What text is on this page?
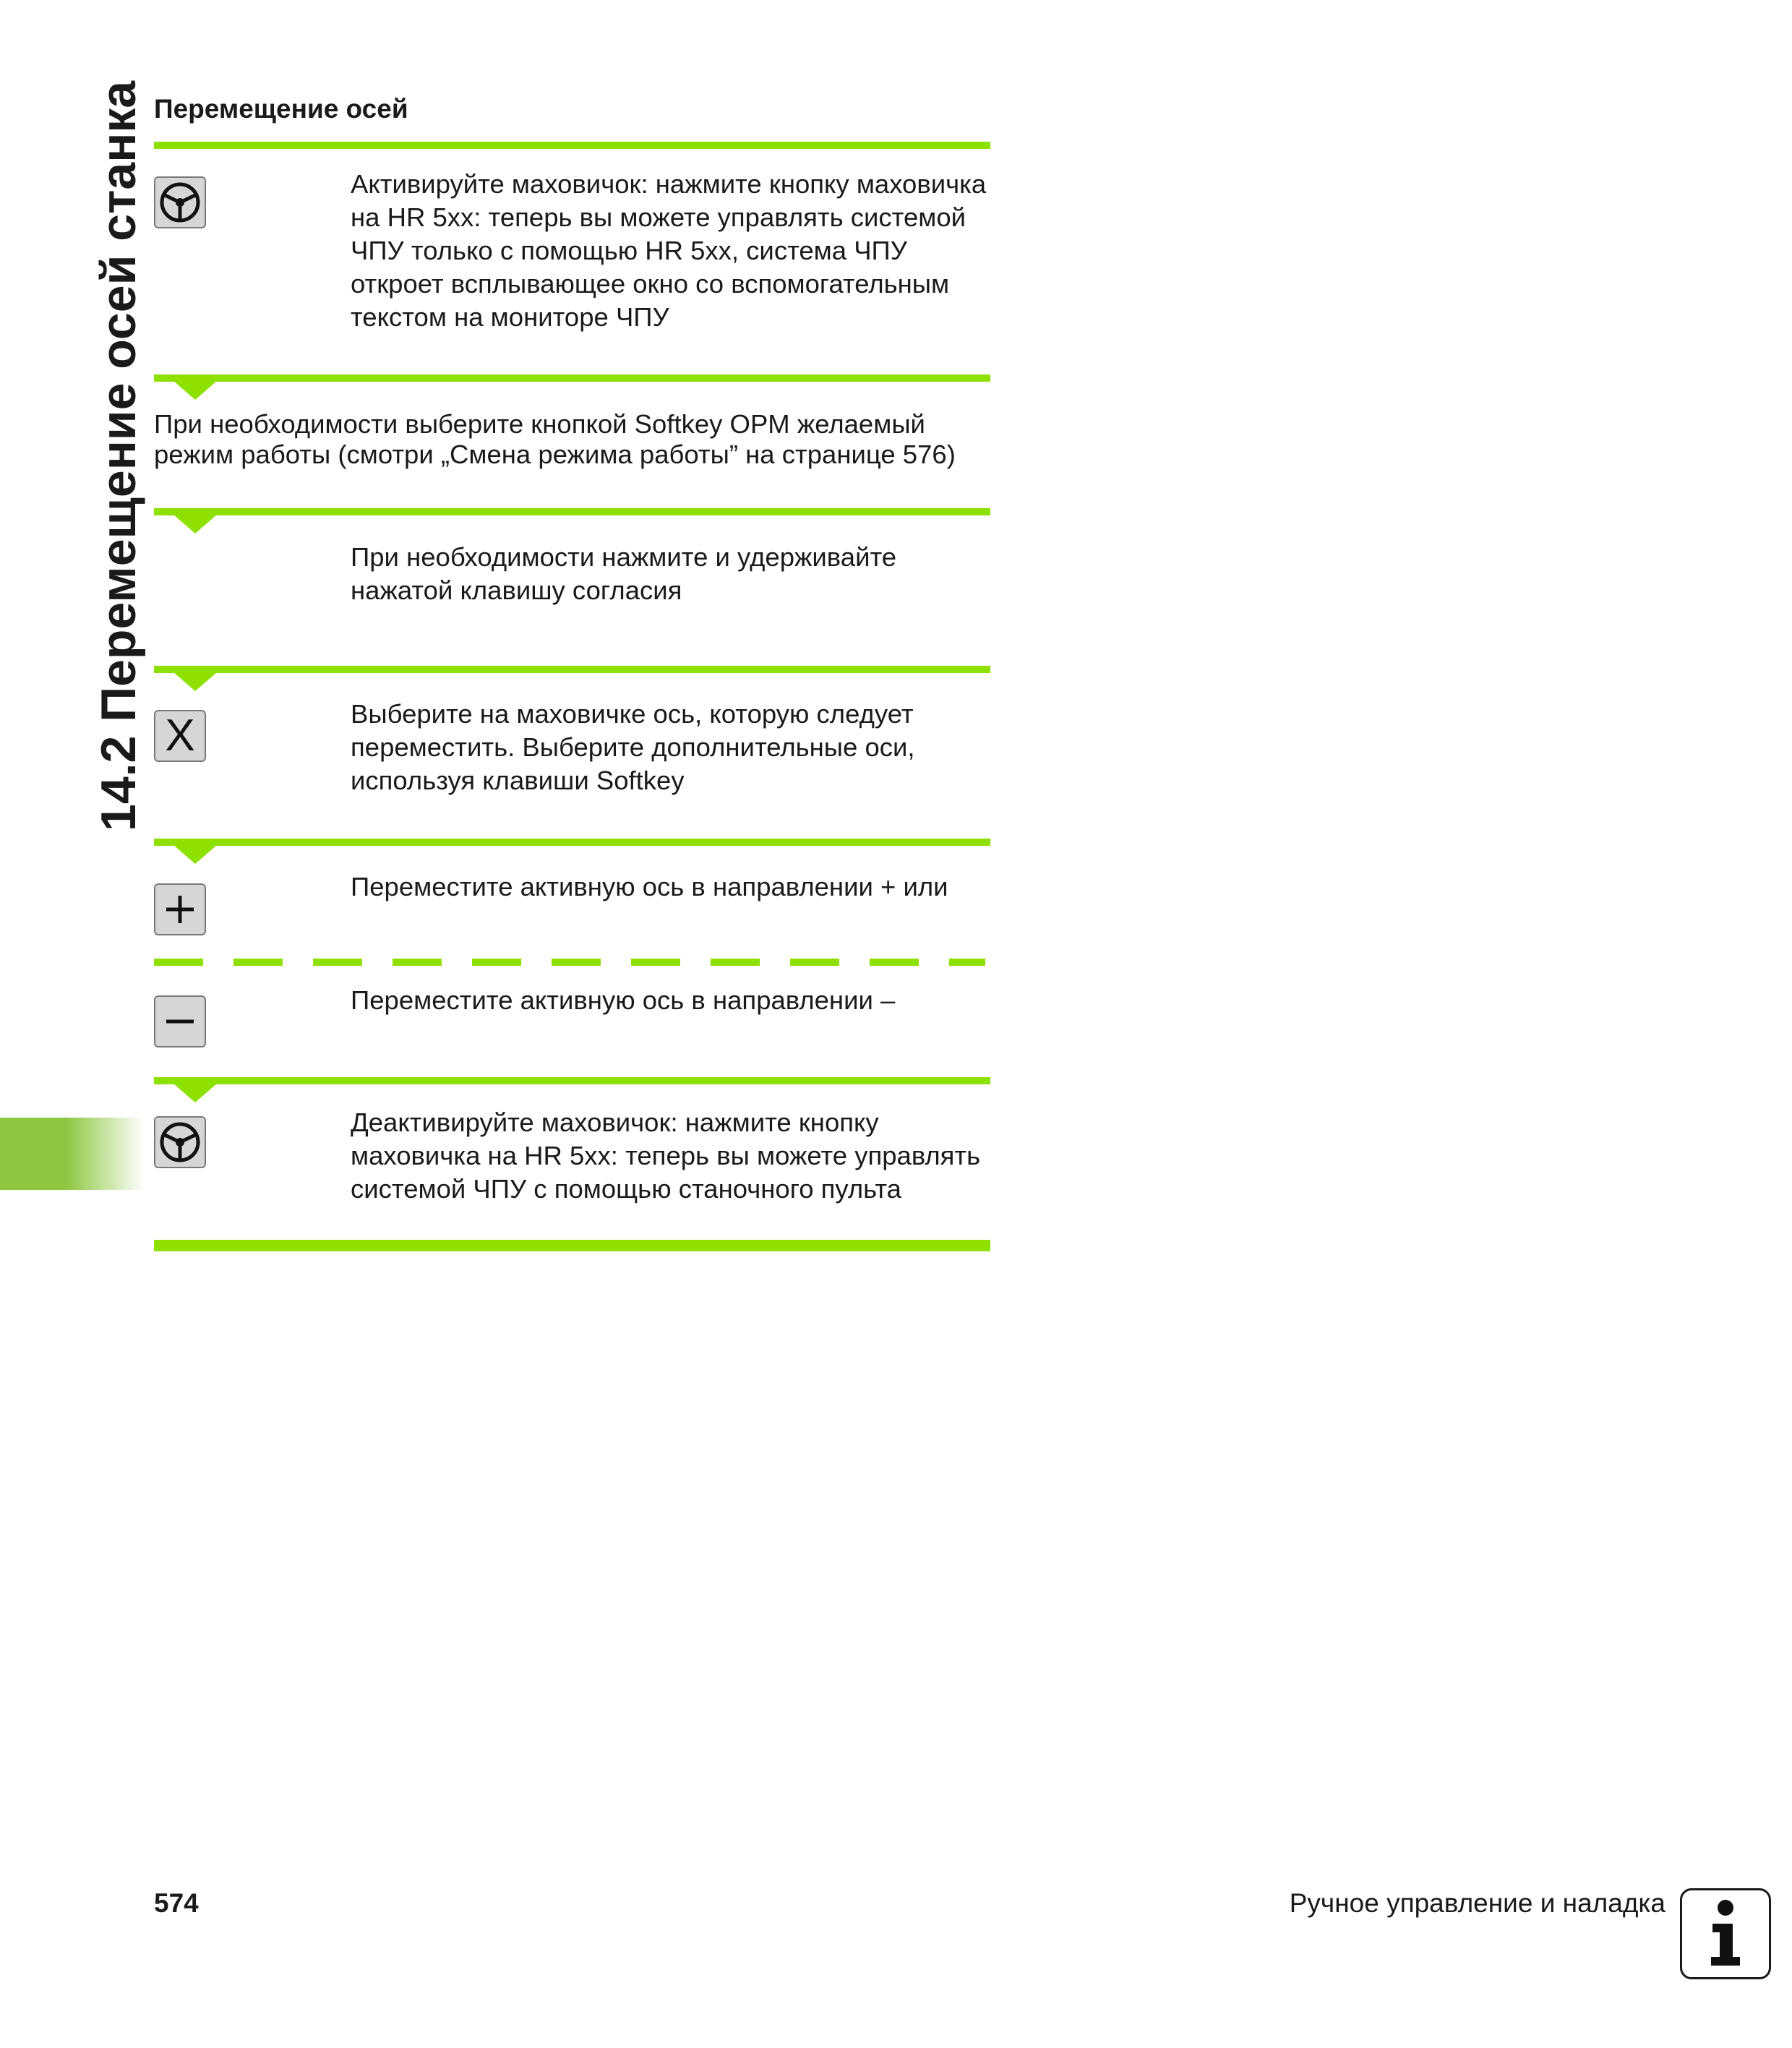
14.2 Перемещение осей станка Перемещение осей
Активируйте маховичок: нажмите кнопку маховичка на HR 5xx: теперь вы можете управлять системой ЧПУ только с помощью HR 5xx, система ЧПУ откроет всплывающее окно со вспомогательным текстом на мониторе ЧПУ
При необходимости выберите кнопкой Softkey OPM желаемый режим работы (смотри „Смена режима работы” на странице 576)
При необходимости нажмите и удерживайте нажатой клавишу согласия
X	Выберите на маховичке ось, которую следует переместить. Выберите дополнительные оси, используя клавиши Softkey
Переместите активную ось в направлении + или
Переместите активную ось в направлении –
Деактивируйте маховичок: нажмите кнопку маховичка на HR 5xx: теперь вы можете управлять системой ЧПУ с помощью станочного пульта
574	Ручное управление и наладка
